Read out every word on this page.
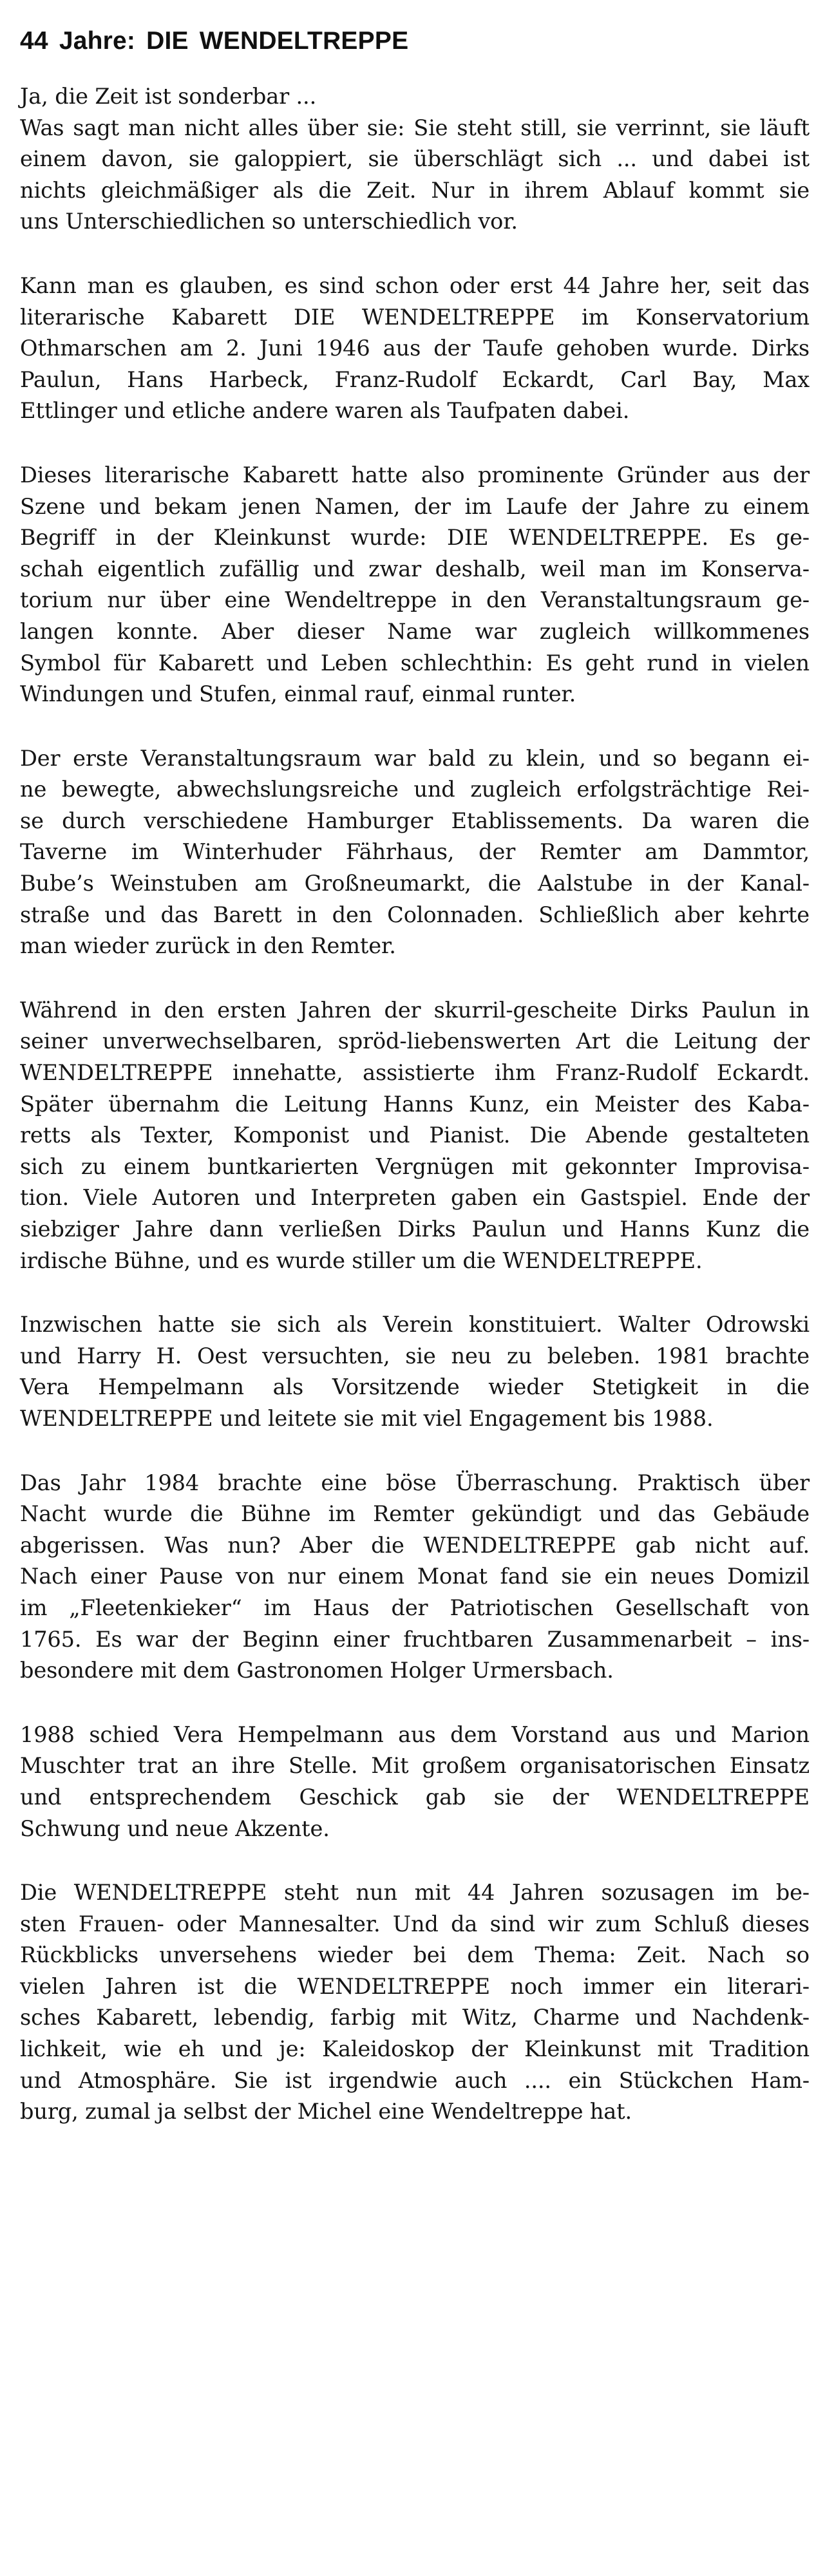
44 Jahre: DIE WENDELTREPPE

Ja, die Zeit ist sonderbar ...
Was sagt man nicht alles über sie: Sie steht still, sie verrinnt, sie läuft
einem davon, sie galoppiert, sie überschlägt sich ... und dabei ist
nichts gleichmäßiger als die Zeit. Nur in ihrem Ablauf kommt sie
uns Unterschiedlichen so unterschiedlich vor.

Kann man es glauben, es sind schon oder erst 44 Jahre her, seit das
literarische Kabarett DIE WENDELTREPPE im Konservatorium
Othmarschen am 2. Juni 1946 aus der Taufe gehoben wurde. Dirks
Paulun, Hans Harbeck, Franz-Rudolf Eckardt, Carl Bay, Max
Ettlinger und etliche andere waren als Taufpaten dabei.

Dieses literarische Kabarett hatte also prominente Gründer aus der
Szene und bekam jenen Namen, der im Laufe der Jahre zu einem
Begriff in der Kleinkunst wurde: DIE WENDELTREPPE. Es ge-
schah eigentlich zufällig und zwar deshalb, weil man im Konserva-
torium nur über eine Wendeltreppe in den Veranstaltungsraum ge-
langen konnte. Aber dieser Name war zugleich willkommenes
Symbol für Kabarett und Leben schlechthin: Es geht rund in vielen
Windungen und Stufen, einmal rauf, einmal runter.

Der erste Veranstaltungsraum war bald zu klein, und so begann ei-
ne bewegte, abwechslungsreiche und zugleich erfolgsträchtige Rei-
se durch verschiedene Hamburger Etablissements. Da waren die
Taverne im Winterhuder Fährhaus, der Remter am Dammtor,
Bube’s Weinstuben am Großneumarkt, die Aalstube in der Kanal-
straße und das Barett in den Colonnaden. Schließlich aber kehrte
man wieder zurück in den Remter.

Während in den ersten Jahren der skurril-gescheite Dirks Paulun in
seiner unverwechselbaren, spröd-liebenswerten Art die Leitung der
WENDELTREPPE innehatte, assistierte ihm Franz-Rudolf Eckardt.
Später übernahm die Leitung Hanns Kunz, ein Meister des Kaba-
retts als Texter, Komponist und Pianist. Die Abende gestalteten
sich zu einem buntkarierten Vergnügen mit gekonnter Improvisa-
tion. Viele Autoren und Interpreten gaben ein Gastspiel. Ende der
siebziger Jahre dann verließen Dirks Paulun und Hanns Kunz die
irdische Bühne, und es wurde stiller um die WENDELTREPPE.

Inzwischen hatte sie sich als Verein konstituiert. Walter Odrowski
und Harry H. Oest versuchten, sie neu zu beleben. 1981 brachte
Vera Hempelmann als Vorsitzende wieder Stetigkeit in die
WENDELTREPPE und leitete sie mit viel Engagement bis 1988.

Das Jahr 1984 brachte eine böse Überraschung. Praktisch über
Nacht wurde die Bühne im Remter gekündigt und das Gebäude
abgerissen. Was nun? Aber die WENDELTREPPE gab nicht auf.
Nach einer Pause von nur einem Monat fand sie ein neues Domizil
im „Fleetenkieker“ im Haus der Patriotischen Gesellschaft von
1765. Es war der Beginn einer fruchtbaren Zusammenarbeit – ins-
besondere mit dem Gastronomen Holger Urmersbach.

1988 schied Vera Hempelmann aus dem Vorstand aus und Marion
Muschter trat an ihre Stelle. Mit großem organisatorischen Einsatz
und entsprechendem Geschick gab sie der WENDELTREPPE
Schwung und neue Akzente.

Die WENDELTREPPE steht nun mit 44 Jahren sozusagen im be-
sten Frauen- oder Mannesalter. Und da sind wir zum Schluß dieses
Rückblicks unversehens wieder bei dem Thema: Zeit. Nach so
vielen Jahren ist die WENDELTREPPE noch immer ein literari-
sches Kabarett, lebendig, farbig mit Witz, Charme und Nachdenk-
lichkeit, wie eh und je: Kaleidoskop der Kleinkunst mit Tradition
und Atmosphäre. Sie ist irgendwie auch .... ein Stückchen Ham-
burg, zumal ja selbst der Michel eine Wendeltreppe hat.
